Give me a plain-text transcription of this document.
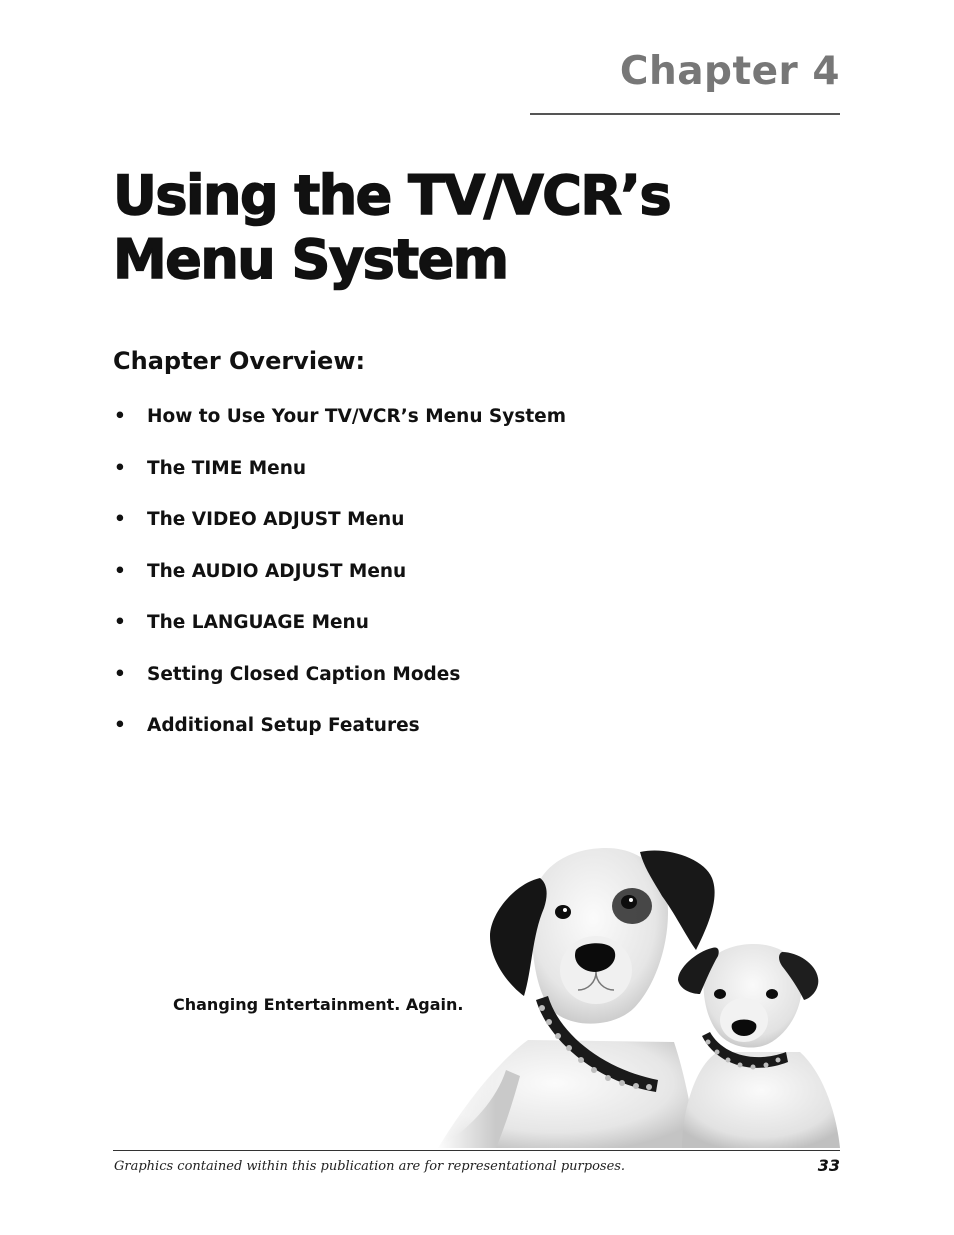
Chapter 4
Using the TV/VCR’s
Menu System
Chapter Overview:
•	How to Use Your TV/VCR’s Menu System
•	The TIME Menu
•	The VIDEO ADJUST Menu
•	The AUDIO ADJUST Menu
•	The LANGUAGE Menu
•	Setting Closed Caption Modes
•	Additional Setup Features
Changing Entertainment. Again.
Graphics contained within this publication are for representational purposes.	33
